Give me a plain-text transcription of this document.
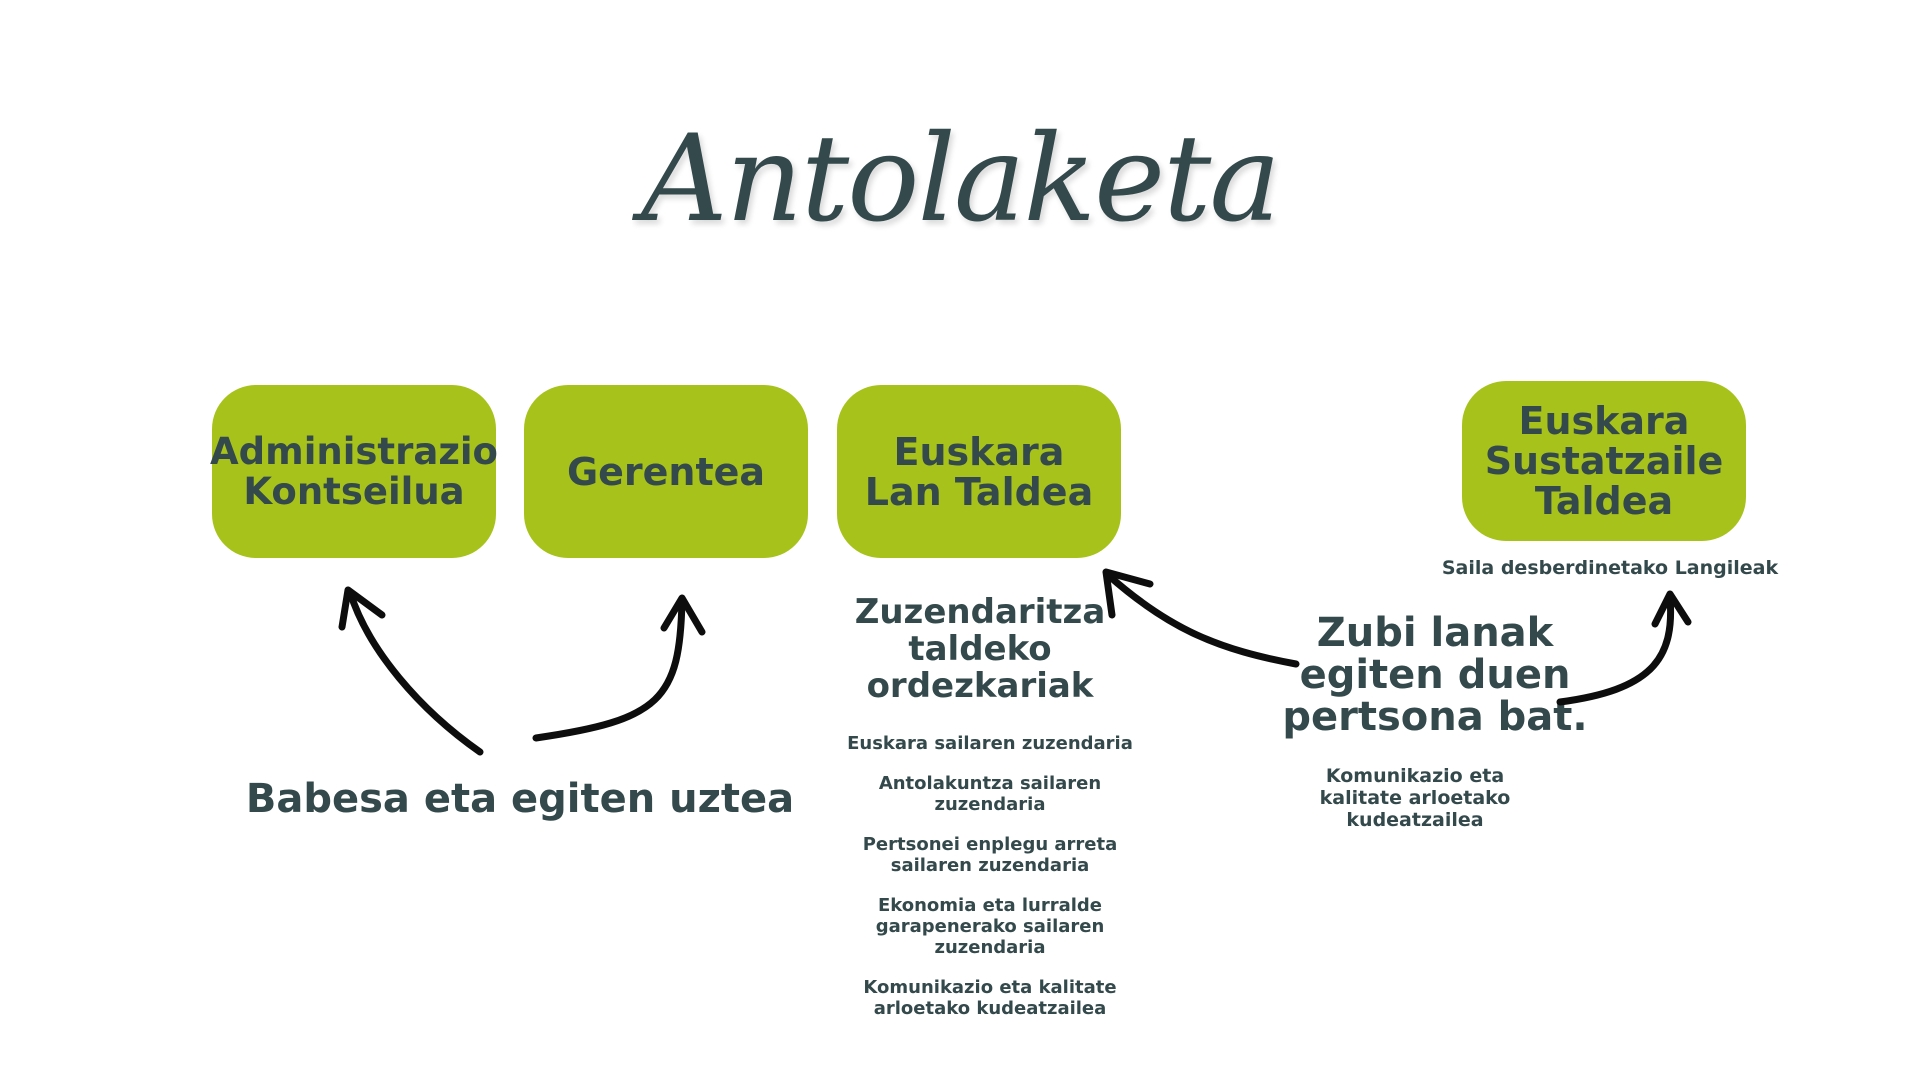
Antolaketa
Administrazio
Kontseilua	Gerentea	Euskara
Lan Taldea
Euskara
Sustatzaile
Taldea
Saila desberdinetako Langileak
Zuzendaritza
taldeko
ordezkariak
Euskara sailaren zuzendaria
Antolakuntza sailaren
zuzendaria
Pertsonei enplegu arreta
sailaren zuzendaria
Ekonomia eta lurralde
garapenerako sailaren
zuzendaria
Komunikazio eta kalitate
arloetako kudeatzailea
Zubi lanak
egiten duen
pertsona bat.
Komunikazio eta
kalitate arloetako
kudeatzailea
Babesa eta egiten uztea
